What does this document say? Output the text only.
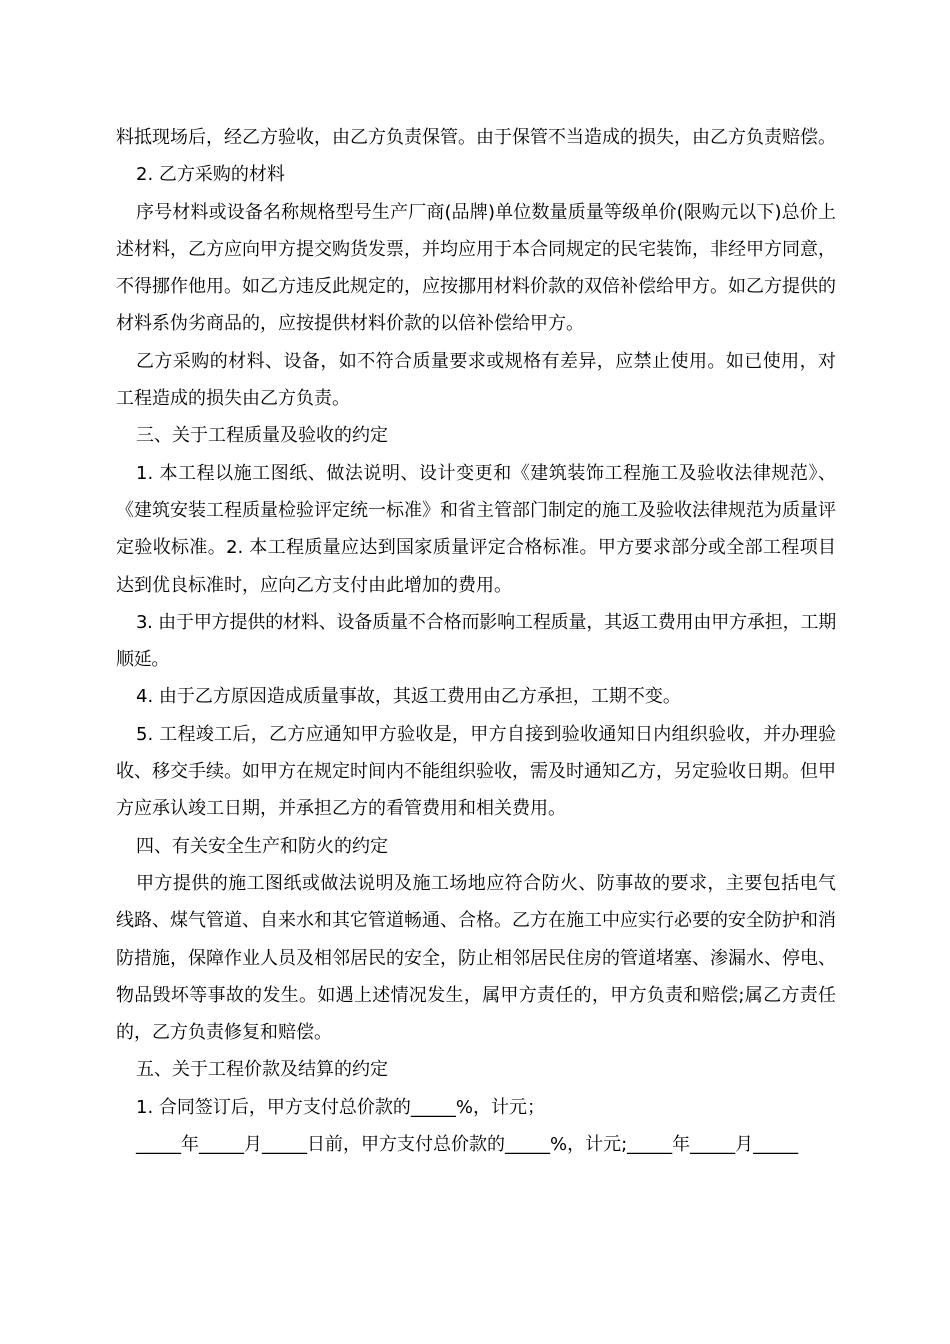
料抵现场后，经乙方验收，由乙方负责保管。由于保管不当造成的损失，由乙方负责赔偿。

2. 乙方采购的材料

序号材料或设备名称规格型号生产厂商(品牌)单位数量质量等级单价(限购元以下)总价上述材料，乙方应向甲方提交购货发票，并均应用于本合同规定的民宅装饰，非经甲方同意，不得挪作他用。如乙方违反此规定的，应按挪用材料价款的双倍补偿给甲方。如乙方提供的材料系伪劣商品的，应按提供材料价款的以倍补偿给甲方。

乙方采购的材料、设备，如不符合质量要求或规格有差异，应禁止使用。如已使用，对工程造成的损失由乙方负责。

三、关于工程质量及验收的约定

1. 本工程以施工图纸、做法说明、设计变更和《建筑装饰工程施工及验收法律规范》、《建筑安装工程质量检验评定统一标准》和省主管部门制定的施工及验收法律规范为质量评定验收标准。2. 本工程质量应达到国家质量评定合格标准。甲方要求部分或全部工程项目达到优良标准时，应向乙方支付由此增加的费用。

3. 由于甲方提供的材料、设备质量不合格而影响工程质量，其返工费用由甲方承担，工期顺延。

4. 由于乙方原因造成质量事故，其返工费用由乙方承担，工期不变。

5. 工程竣工后，乙方应通知甲方验收是，甲方自接到验收通知日内组织验收，并办理验收、移交手续。如甲方在规定时间内不能组织验收，需及时通知乙方，另定验收日期。但甲方应承认竣工日期，并承担乙方的看管费用和相关费用。

四、有关安全生产和防火的约定

甲方提供的施工图纸或做法说明及施工场地应符合防火、防事故的要求，主要包括电气线路、煤气管道、自来水和其它管道畅通、合格。乙方在施工中应实行必要的安全防护和消防措施，保障作业人员及相邻居民的安全，防止相邻居民住房的管道堵塞、渗漏水、停电、物品毁坏等事故的发生。如遇上述情况发生，属甲方责任的，甲方负责和赔偿;属乙方责任的，乙方负责修复和赔偿。

五、关于工程价款及结算的约定

1. 合同签订后，甲方支付总价款的_____%，计元；

_____年_____月_____日前，甲方支付总价款的_____%，计元;_____年_____月_____
